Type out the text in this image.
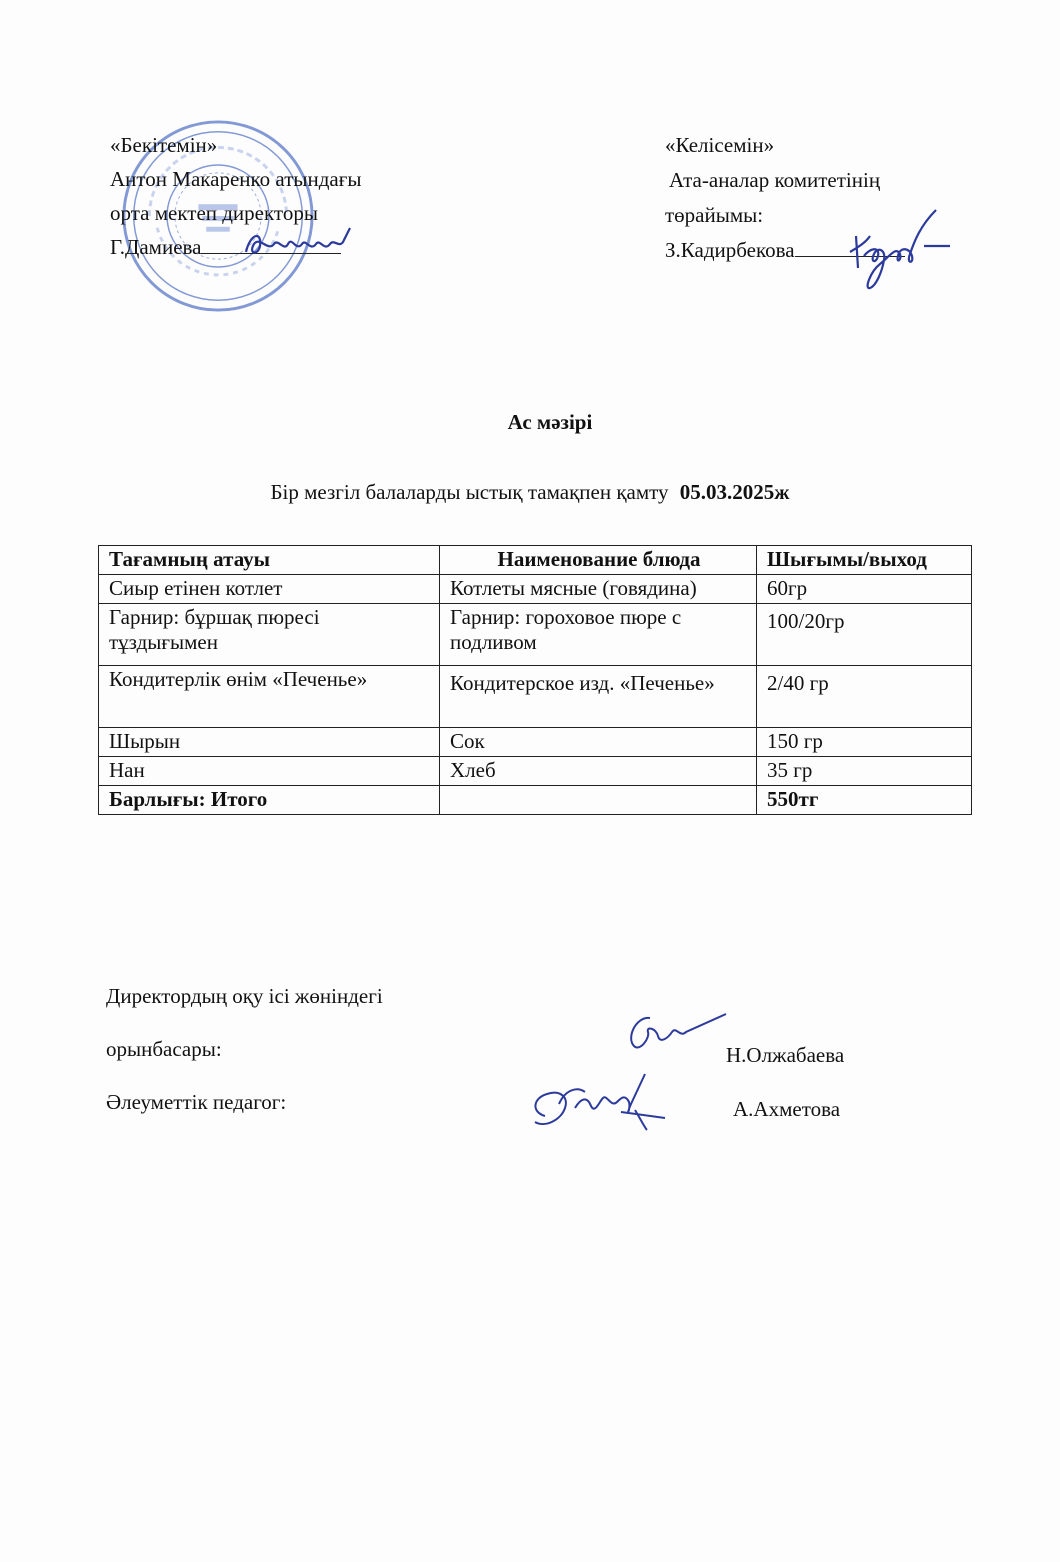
«Бекітемін»
Антон Макаренко атындағы
орта мектеп директоры
Г.Дамиева
«Келісемін»
Ата-аналар комитетінің
төрайымы:
З.Кадирбекова
Ас мәзірі
Бір мезгіл балаларды ыстық тамақпен қамту 05.03.2025ж
Тағамның атауы	Наименование блюда	Шығымы/выход
Сиыр етінен котлет	Котлеты мясные (говядина)	60гр
Гарнир: бұршақ пюресі тұздығымен	Гарнир: гороховое пюре с подливом	100/20гр
Кондитерлік өнім «Печенье»	Кондитерское изд. «Печенье»	2/40 гр
Шырын	Сок	150 гр
Нан	Хлеб	35 гр
Барлығы: Итого		550тг
Директордың оқу ісі жөніндегі
орынбасары:
Әлеуметтік педагог:
Н.Олжабаева
А.Ахметова
